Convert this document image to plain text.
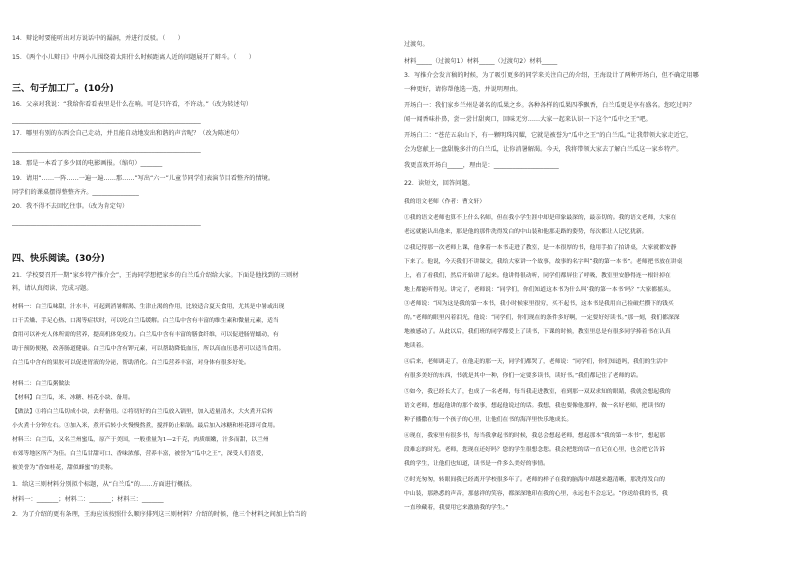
14．辩论时要能听出对方说话中的漏洞，并进行反驳。（　　）
15．《两个小儿辩日》中两小儿围绕着太阳什么时候距离人近的问题展开了辩斗。（　　）
三、句子加工厂。(10分)
16．父亲对我说：“我给你看看表里是什么在响。可是只许看，不许动。”（改为转述句）
_____________________________________________________________
17．哪里有别的东西会自己走动，并且能自动地发出和谐的声音呢？（改为陈述句）
_____________________________________________________________
18．那是一本看了多少回的电影画报。（缩句）_______
19．请用“……一阵……一遍一遍……那……”写出“六一”儿童节同学们表演节目看整齐的情境。
同学们的课桌摆得整整齐齐。_______________
20．我不得不去回忆往事。（改为肯定句）
_____________________________________________________________
四、快乐阅读。(30分)
21．学校要召开一期“家乡特产推介会”，王海同学想把家乡的白兰瓜介绍给大家。下面是他找到的三则材
料，请认真阅读、完成习题。
材料一：白兰瓜味甜，汁水丰，可起到消暑解渴、生津止渴的作用，比较适合夏天食用，尤其是中暑或出现
口干舌燥、手足心热、口渴等症状时，可以吃白兰瓜缓解。白兰瓜中含有丰富的维生素和微量元素，适当
食用可以补充人体所需的营养，提高机体免疫力。白兰瓜中含有丰富的膳食纤维，可以促进肠胃蠕动，有
助于预防便秘，改善肠道健康。白兰瓜中含有钾元素，可以帮助降低血压，所以高血压患者可以适当食用。
白兰瓜中含有的果胶可以促进胃液的分泌，帮助消化。白兰瓜营养丰富，对身体有很多好处。
材料二：白兰瓜粥做法
【材料】白兰瓜，米、冰糖、桂花小块、备用。
【做法】①将白兰瓜切成小块，去籽备用。②将切好的白兰瓜放入锅里，加入适量清水，大火煮开后转
小火煮十分钟左右。③加入米，煮开后转小火慢慢熬煮，搅拌防止粘锅。最后加入冰糖和桂花即可食用。
材料三：白兰瓜，又名兰州蜜瓜，原产于美国，一般重量为1—2千克，肉质细嫩，汁多而甜，以兰州
市郊等地区所产为佳。白兰瓜甘甜可口、香味浓郁，营养丰富，被誉为“瓜中之王”，深受人们喜爱，
被美誉为“香如桂花，甜似蜂蜜”的美称。
1．给这三则材料分别拟个标题，从“白兰瓜”的……方面进行概括。
材料一：_______；材料二：_______；材料三：_______
2．为了介绍的更有条理，王海应该按照什么顺序排列这三则材料？介绍的时候，他三个材料之间加上恰当的
过渡句。
材料_____（过渡句1）材料_____（过渡句2）材料_____
3．写推介会发言稿的时候，为了吸引更多的同学来关注自己的介绍，王海设计了两种开场白，但不确定用哪
一种更好，请你帮他选一选，并说明理由。
开场白一：我们家乡兰州是著名的瓜果之乡。各种各样的瓜果四季飘香，白兰瓜更是享有盛名。您吃过吗？
闻一闻香味扑鼻，尝一尝甘甜爽口，回味无穷……大家一起来认识一下这个“瓜中之王”吧。
开场白二：“苍茫五泉山下，有一颗明珠闪耀，它就是被誉为“瓜中之王”的白兰瓜。”让我带领大家走近它，
会为您献上一盘甜脆多汁的白兰瓜，让你消暑解渴。今天，我将带领大家去了解白兰瓜这一家乡特产。
我更喜欢开场白_____，理由是：_____________________
22．读短文，回答问题。
我的语文老师（作者：曹文轩）
①我的语文老师也算不上什么名师，但在我小学生涯中却是印象最深的，最亲切的。我的语文老师，大家在
老远就能认出他来，那是他的那件洗得发白的中山装和他那走路的姿势，每次都让人记忆犹新。
②我记得那一次老师上课，他拿着一本书走进了教室，是一本很厚的书，他用手拍了拍讲桌，大家就都安静
下来了。他说，今天我们不讲课文，我给大家讲一个故事，故事的名字叫“我的第一本书”。老师把书放在讲桌
上，看了看我们，然后开始讲了起来。他讲得很动听，同学们都屏住了呼吸，教室里安静得连一根针掉在
地上都能听得见。讲完了，老师说：“同学们，你们知道这本书为什么叫‘我的第一本书’吗？”大家都摇头。
③老师说：“因为这是我的第一本书，我小时候家里很穷，买不起书，这本书是我用自己捡破烂攒下的钱买
的。”老师的眼里闪着泪光，他说：“同学们，你们现在的条件多好啊，一定要好好读书。”那一刻，我们都深深
地被感动了。从此以后，我们班的同学都爱上了读书，下课的时候，教室里总是有很多同学捧着书在认真
地读着。
④后来，老师调走了，在他走的那一天，同学们都哭了，老师说：“同学们，你们知道吗，我们的生活中
有很多美好的东西，书就是其中一种，你们一定要多读书，读好书。”我们都记住了老师的话。
⑤如今，我已经长大了，也成了一名老师，每当我走进教室，看到那一双双求知的眼睛，我就会想起我的
语文老师，想起他讲的那个故事，想起他说过的话。我想，我也要像他那样，做一名好老师，把读书的
种子播撒在每一个孩子的心里，让他们在书的海洋里快乐地成长。
⑥现在，我家里有很多书，每当我拿起书的时候，我总会想起老师，想起那本“我的第一本书”，想起那
段难忘的时光。老师，您现在还好吗？您的学生很想念您。我会把您的话一直记在心里，也会把它告诉
我的学生，让他们也知道，读书是一件多么美好的事情。
⑦时光匆匆，转眼间我已经离开学校很多年了。老师的样子在我的脑海中却越来越清晰，那洗得发白的
中山装，那熟悉的声音，那慈祥的笑容，都深深地印在我的心里，永远也不会忘记。“你送给我的书，我
一直珍藏着，我要用它来激励我的学生。”
